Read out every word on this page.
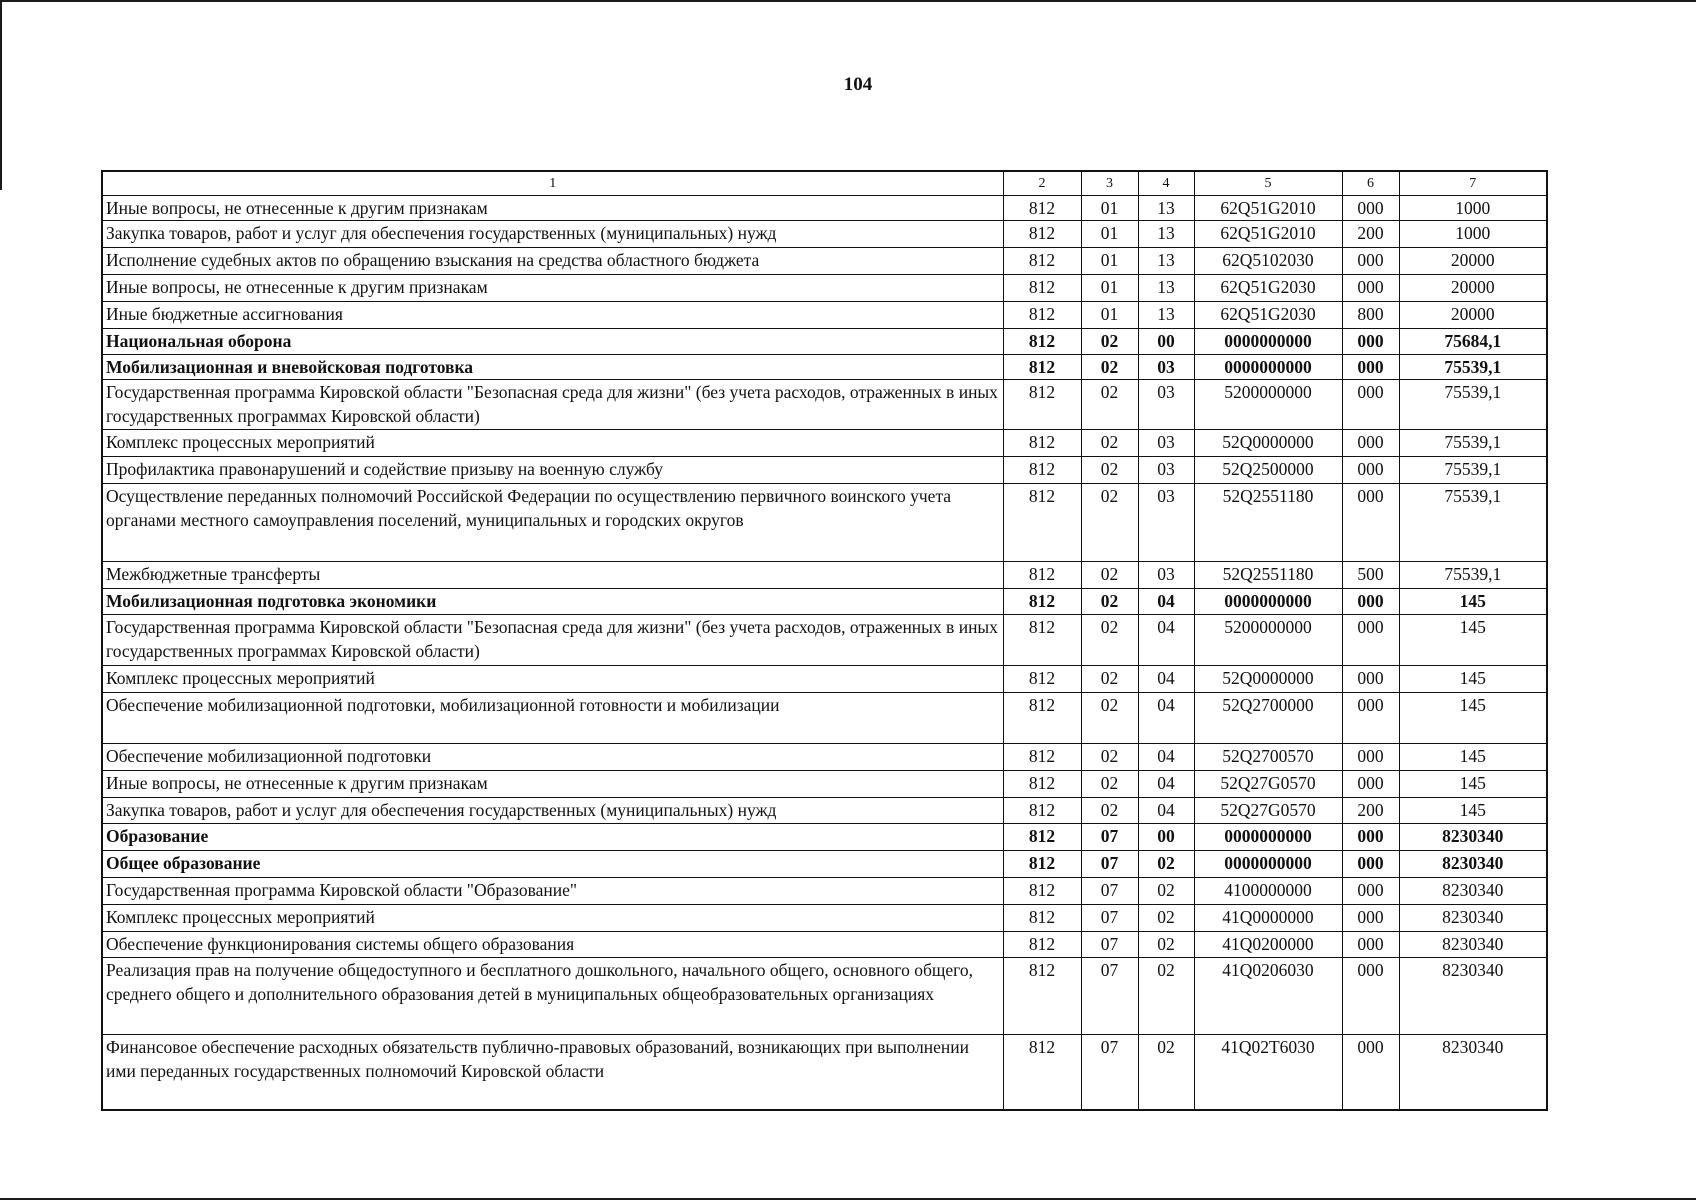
104
1	2	3	4	5	6	7
Иные вопросы, не отнесенные к другим признакам	812	01	13	62Q51G2010	000	1000
Закупка товаров, работ и услуг для обеспечения государственных (муниципальных) нужд	812	01	13	62Q51G2010	200	1000
Исполнение судебных актов по обращению взыскания на средства областного бюджета	812	01	13	62Q5102030	000	20000
Иные вопросы, не отнесенные к другим признакам	812	01	13	62Q51G2030	000	20000
Иные бюджетные ассигнования	812	01	13	62Q51G2030	800	20000
Национальная оборона	812	02	00	0000000000	000	75684,1
Мобилизационная и вневойсковая подготовка	812	02	03	0000000000	000	75539,1
Государственная программа Кировской области "Безопасная среда для жизни" (без учета расходов, отраженных в иных государственных программах Кировской области)	812	02	03	5200000000	000	75539,1
Комплекс процессных мероприятий	812	02	03	52Q0000000	000	75539,1
Профилактика правонарушений и содействие призыву на военную службу	812	02	03	52Q2500000	000	75539,1
Осуществление переданных полномочий Российской Федерации по осуществлению первичного воинского учета органами местного самоуправления поселений, муниципальных и городских округов	812	02	03	52Q2551180	000	75539,1
Межбюджетные трансферты	812	02	03	52Q2551180	500	75539,1
Мобилизационная подготовка экономики	812	02	04	0000000000	000	145
Государственная программа Кировской области "Безопасная среда для жизни" (без учета расходов, отраженных в иных государственных программах Кировской области)	812	02	04	5200000000	000	145
Комплекс процессных мероприятий	812	02	04	52Q0000000	000	145
Обеспечение мобилизационной подготовки, мобилизационной готовности и мобилизации	812	02	04	52Q2700000	000	145
Обеспечение мобилизационной подготовки	812	02	04	52Q2700570	000	145
Иные вопросы, не отнесенные к другим признакам	812	02	04	52Q27G0570	000	145
Закупка товаров, работ и услуг для обеспечения государственных (муниципальных) нужд	812	02	04	52Q27G0570	200	145
Образование	812	07	00	0000000000	000	8230340
Общее образование	812	07	02	0000000000	000	8230340
Государственная программа Кировской области "Образование"	812	07	02	4100000000	000	8230340
Комплекс процессных мероприятий	812	07	02	41Q0000000	000	8230340
Обеспечение функционирования системы общего образования	812	07	02	41Q0200000	000	8230340
Реализация прав на получение общедоступного и бесплатного дошкольного, начального общего, основного общего, среднего общего и дополнительного образования детей в муниципальных общеобразовательных организациях	812	07	02	41Q0206030	000	8230340
Финансовое обеспечение расходных обязательств публично-правовых образований, возникающих при выполнении ими переданных государственных полномочий Кировской области	812	07	02	41Q02T6030	000	8230340
